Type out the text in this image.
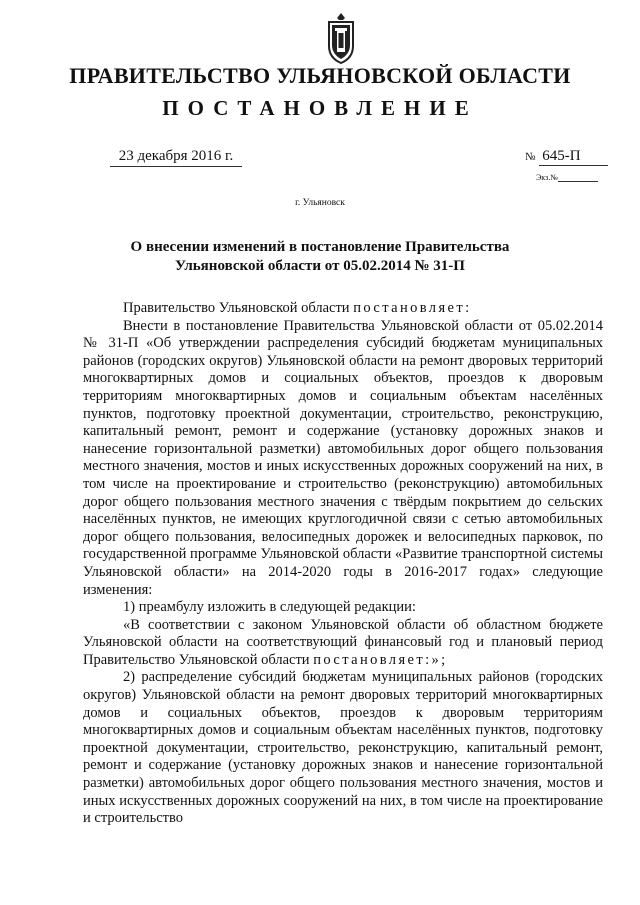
ПРАВИТЕЛЬСТВО УЛЬЯНОВСКОЙ ОБЛАСТИ
ПОСТАНОВЛЕНИЕ
23 декабря 2016 г.	№ 645-П
Экз.№
г. Ульяновск
О внесении изменений в постановление Правительства
Ульяновской области от 05.02.2014 № 31-П

Правительство Ульяновской области постановляет:

Внести в постановление Правительства Ульяновской области от 05.02.2014 № 31-П «Об утверждении распределения субсидий бюджетам муниципальных районов (городских округов) Ульяновской области на ремонт дворовых территорий многоквартирных домов и социальных объектов, проездов к дворовым территориям многоквартирных домов и социальным объектам населённых пунктов, подготовку проектной документации, строительство, реконструкцию, капитальный ремонт, ремонт и содержание (установку дорожных знаков и нанесение горизонтальной разметки) автомобильных дорог общего пользования местного значения, мостов и иных искусственных дорожных сооружений на них, в том числе на проектирование и строительство (реконструкцию) автомобильных дорог общего пользования местного значения с твёрдым покрытием до сельских населённых пунктов, не имеющих круглогодичной связи с сетью автомобильных дорог общего пользования, велосипедных дорожек и велосипедных парковок, по государственной программе Ульяновской области «Развитие транспортной системы Ульяновской области» на 2014-2020 годы в 2016-2017 годах» следующие изменения:

1) преамбулу изложить в следующей редакции:

«В соответствии с законом Ульяновской области об областном бюджете Ульяновской области на соответствующий финансовый год и плановый период Правительство Ульяновской области постановляет:»;

2) распределение субсидий бюджетам муниципальных районов (городских округов) Ульяновской области на ремонт дворовых территорий многоквартирных домов и социальных объектов, проездов к дворовым территориям многоквартирных домов и социальным объектам населённых пунктов, подготовку проектной документации, строительство, реконструкцию, капитальный ремонт, ремонт и содержание (установку дорожных знаков и нанесение горизонтальной разметки) автомобильных дорог общего пользования местного значения, мостов и иных искусственных дорожных сооружений на них, в том числе на проектирование и строительство
